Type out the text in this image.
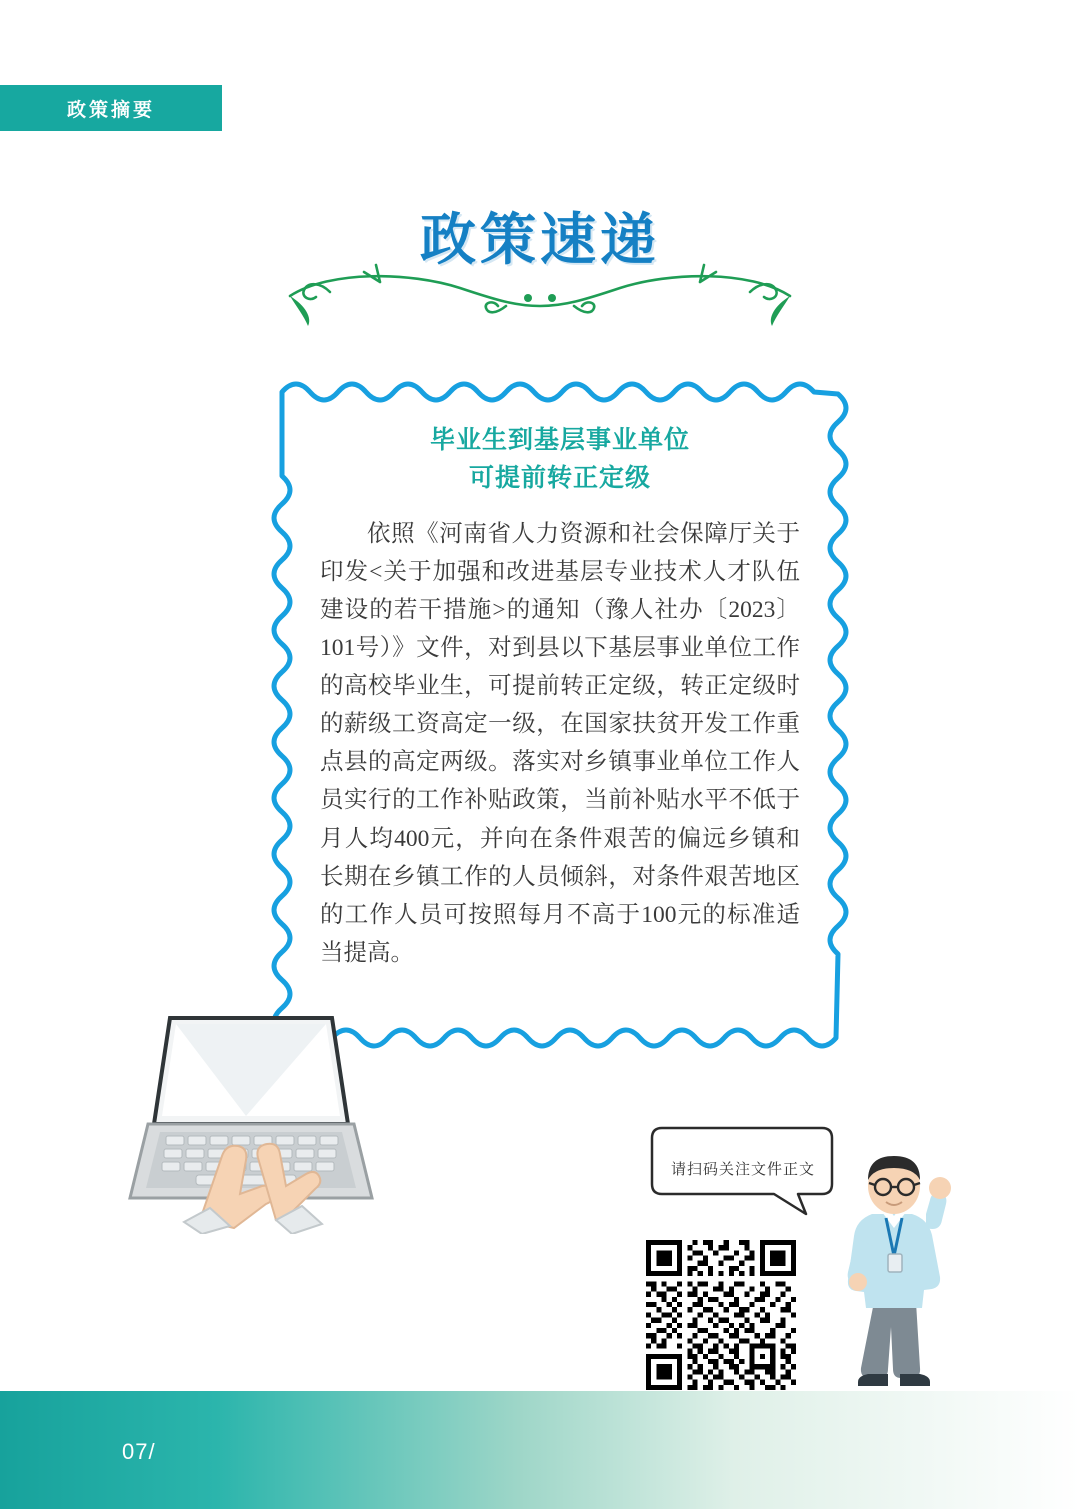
政策摘要
政策速递
毕业生到基层事业单位
可提前转正定级
依照《河南省人力资源和社会保障厅关于印发<关于加强和改进基层专业技术人才队伍建设的若干措施>的通知（豫人社办〔2023〕101号）》文件，对到县以下基层事业单位工作的高校毕业生，可提前转正定级，转正定级时的薪级工资高定一级，在国家扶贫开发工作重点县的高定两级。落实对乡镇事业单位工作人员实行的工作补贴政策，当前补贴水平不低于月人均400元，并向在条件艰苦的偏远乡镇和长期在乡镇工作的人员倾斜，对条件艰苦地区的工作人员可按照每月不高于100元的标准适当提高。
请扫码关注文件正文
07/
